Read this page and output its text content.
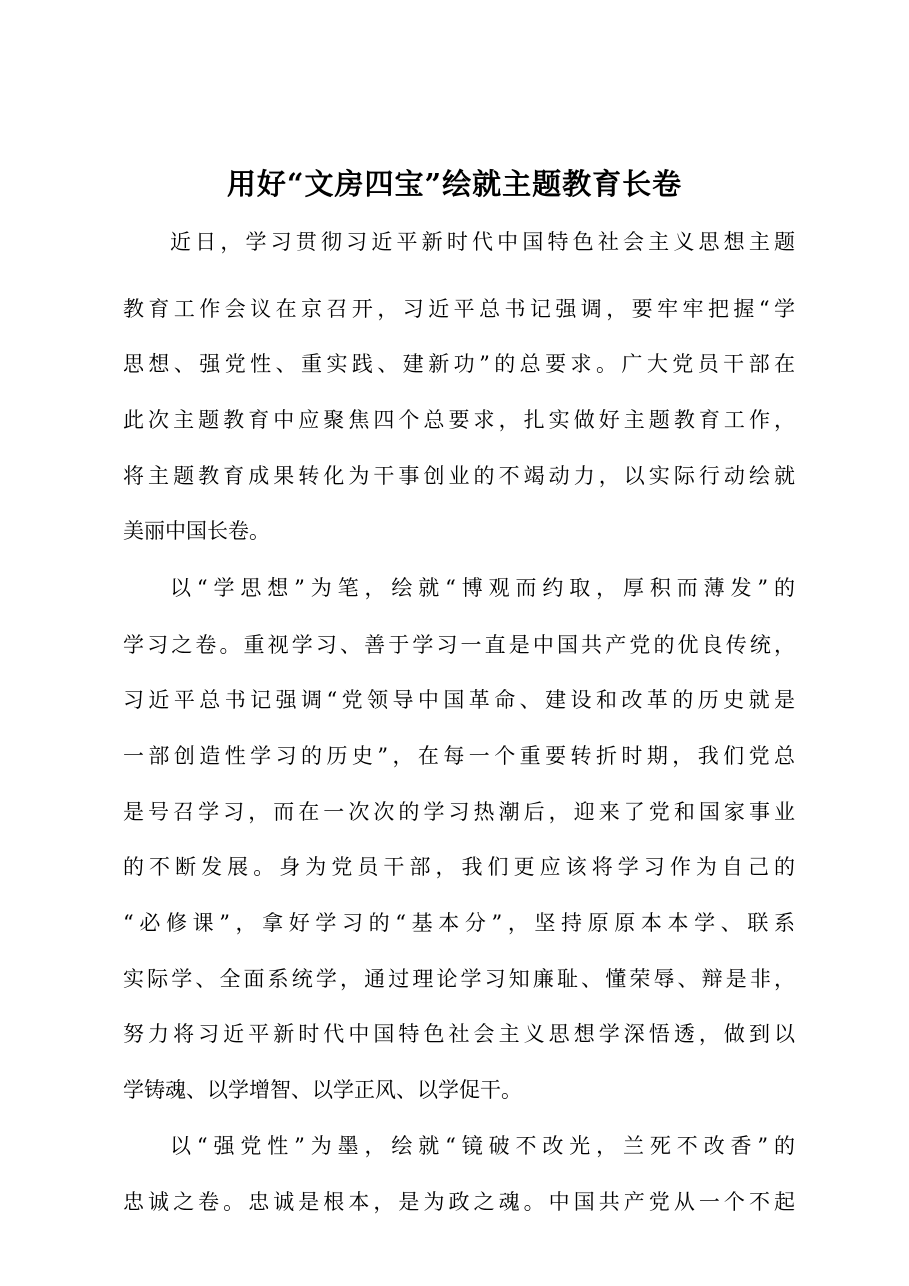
用好“文房四宝”绘就主题教育长卷
近日，学习贯彻习近平新时代中国特色社会主义思想主题
教育工作会议在京召开，习近平总书记强调，要牢牢把握“学
思想、强党性、重实践、建新功”的总要求。广大党员干部在
此次主题教育中应聚焦四个总要求，扎实做好主题教育工作，
将主题教育成果转化为干事创业的不竭动力，以实际行动绘就
美丽中国长卷。
以“学思想”为笔，绘就“博观而约取，厚积而薄发”的
学习之卷。重视学习、善于学习一直是中国共产党的优良传统，
习近平总书记强调“党领导中国革命、建设和改革的历史就是
一部创造性学习的历史”，在每一个重要转折时期，我们党总
是号召学习，而在一次次的学习热潮后，迎来了党和国家事业
的不断发展。身为党员干部，我们更应该将学习作为自己的
“必修课”，拿好学习的“基本分”，坚持原原本本学、联系
实际学、全面系统学，通过理论学习知廉耻、懂荣辱、辩是非，
努力将习近平新时代中国特色社会主义思想学深悟透，做到以
学铸魂、以学增智、以学正风、以学促干。
以“强党性”为墨，绘就“镜破不改光，兰死不改香”的
忠诚之卷。忠诚是根本，是为政之魂。中国共产党从一个不起
